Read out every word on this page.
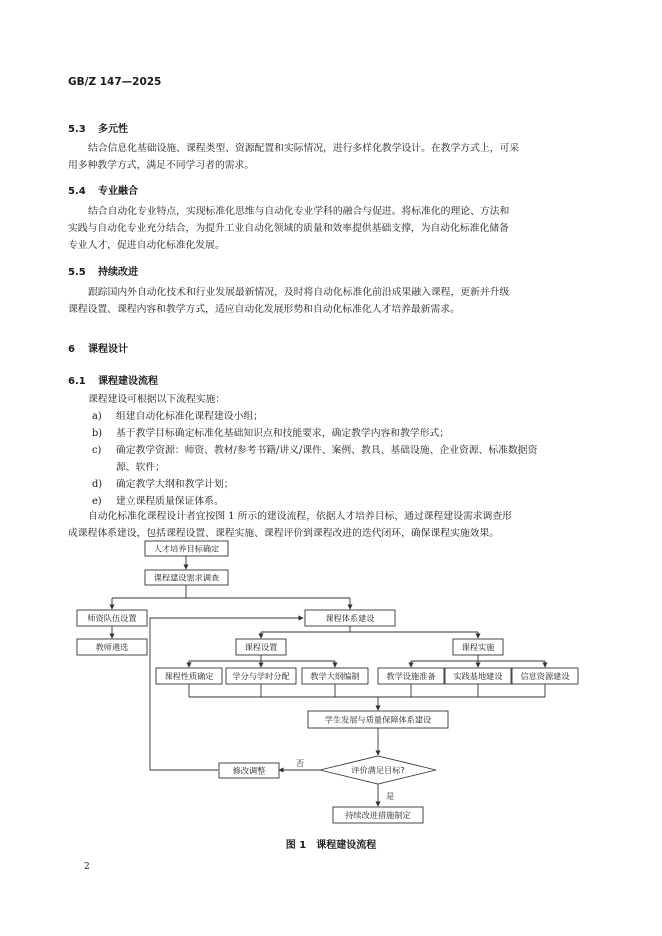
GB/Z 147—2025
5.3 多元性
结合信息化基础设施、课程类型、资源配置和实际情况，进行多样化教学设计。在教学方式上，可采
用多种教学方式，满足不同学习者的需求。
5.4 专业融合
结合自动化专业特点，实现标准化思维与自动化专业学科的融合与促进。将标准化的理论、方法和
实践与自动化专业充分结合，为提升工业自动化领域的质量和效率提供基础支撑，为自动化标准化储备
专业人才，促进自动化标准化发展。
5.5 持续改进
跟踪国内外自动化技术和行业发展最新情况，及时将自动化标准化前沿成果融入课程，更新并升级
课程设置、课程内容和教学方式，适应自动化发展形势和自动化标准化人才培养最新需求。
6 课程设计
6.1 课程建设流程
课程建设可根据以下流程实施：
a) 组建自动化标准化课程建设小组；
b) 基于教学目标确定标准化基础知识点和技能要求，确定教学内容和教学形式；
c) 确定教学资源：师资、教材/参考书籍/讲义/课件、案例、教具、基础设施、企业资源、标准数据资
源、软件；
d) 确定教学大纲和教学计划；
e) 建立课程质量保证体系。
自动化标准化课程设计者宜按图 1 所示的建设流程，依据人才培养目标，通过课程建设需求调查形
成课程体系建设，包括课程设置、课程实施、课程评价到课程改进的迭代闭环，确保课程实施效果。
人才培养目标确定
课程建设需求调查
师资队伍设置
教师遴选
课程体系建设
课程设置	课程实施
课程性质确定 学分与学时分配	教学大纲编制	教学设施准备 实践基地建设 信息资源建设
学生发展与质量保障体系建设
评价满足目标?
否
是
修改调整
持续改进措施制定
图 1　课程建设流程
2
